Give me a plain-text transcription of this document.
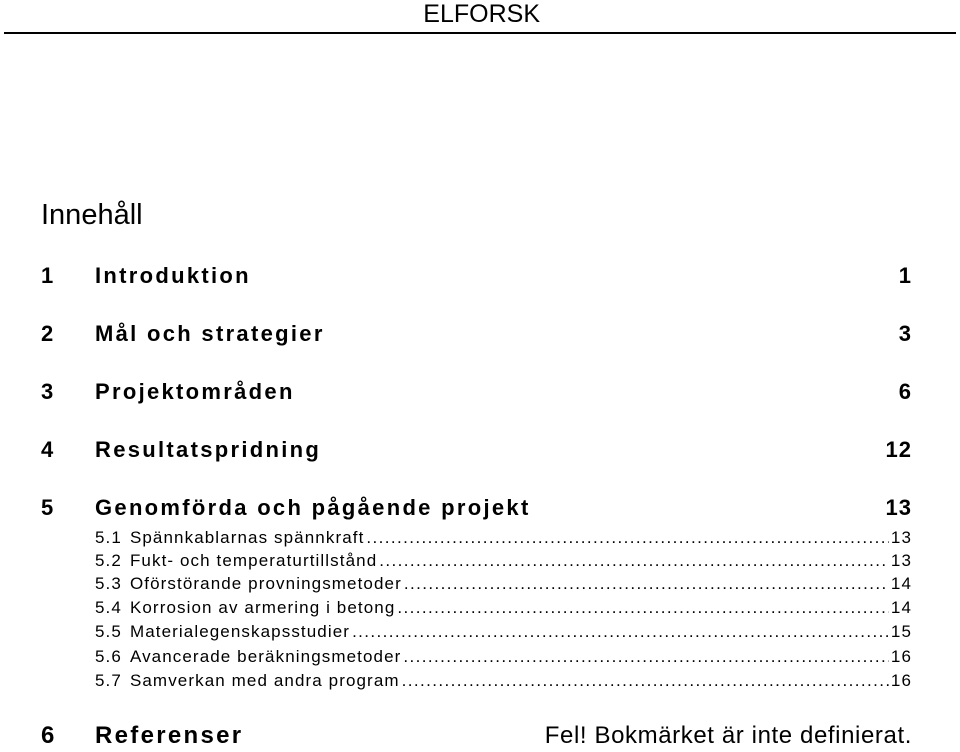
ELFORSK
Innehåll
1 Introduktion	1
2 Mål och strategier	3
3 Projektområden	6
4 Resultatspridning	12
5 Genomförda och pågående projekt	13
5.1 Spännkablarnas spännkraft .....	13
5.2 Fukt- och temperaturtillstånd .....	13
5.3 Oförstörande provningsmetoder .....	14
5.4 Korrosion av armering i betong .....	14
5.5 Materialegenskapsstudier .....	15
5.6 Avancerade beräkningsmetoder .....	16
5.7 Samverkan med andra program .....	16
6 Referenser	Fel! Bokmärket är inte definierat.
